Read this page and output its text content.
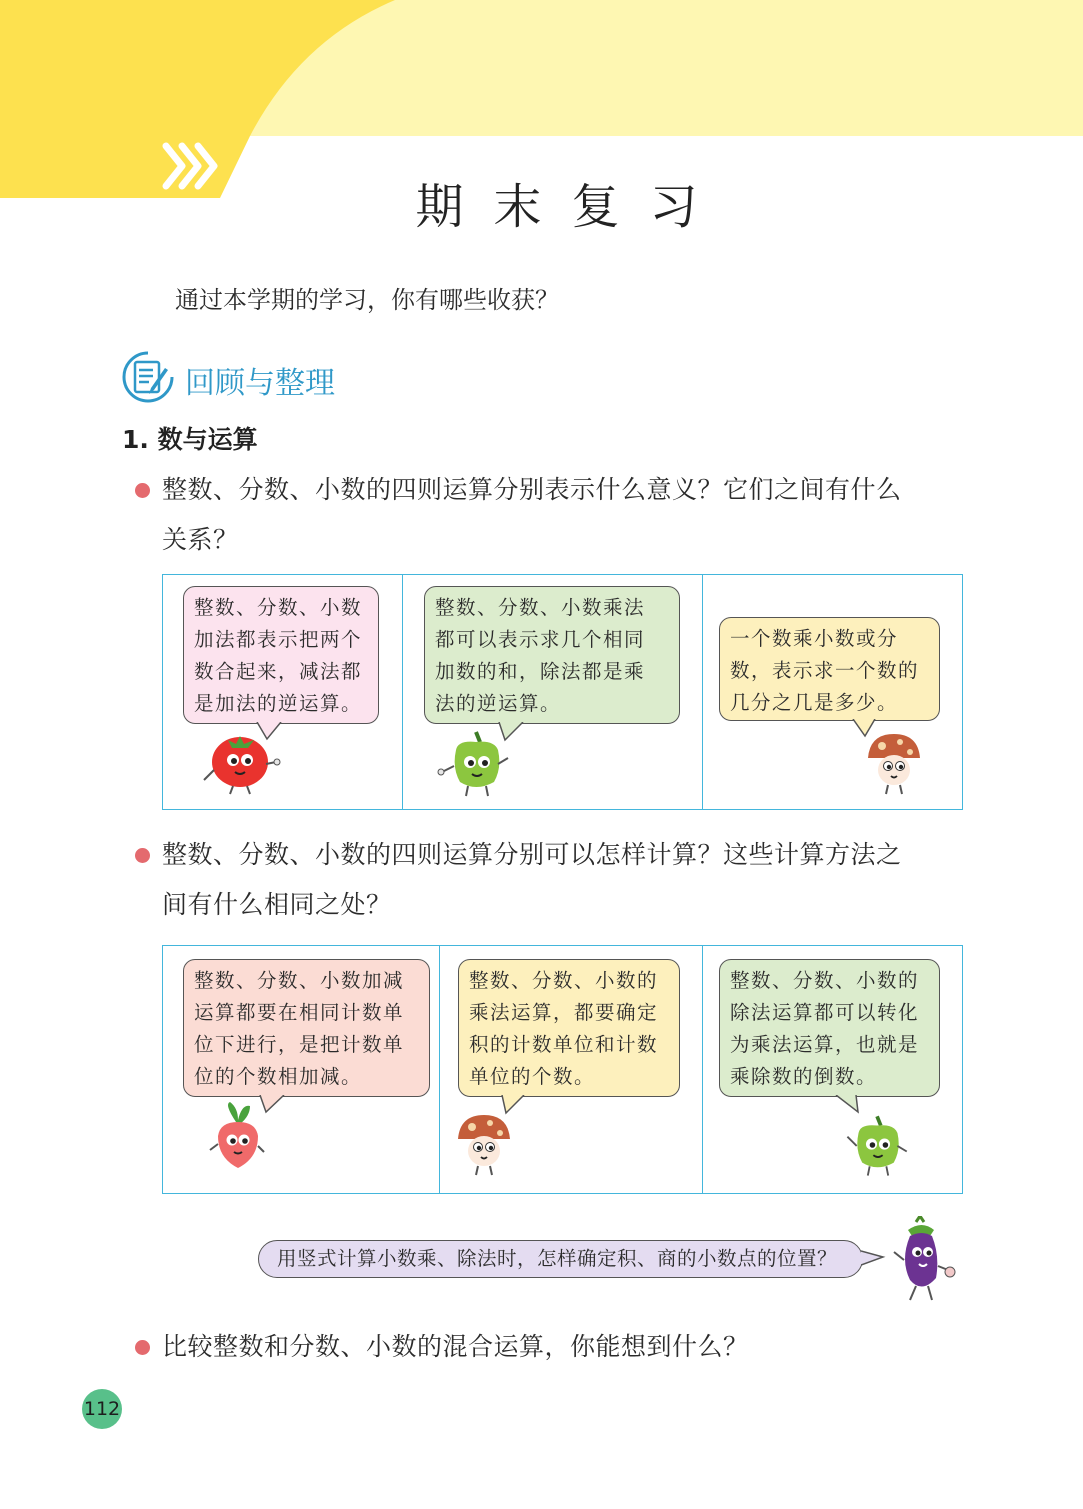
期末复习
通过本学期的学习，你有哪些收获？
回顾与整理
1. 数与运算
整数、分数、小数的四则运算分别表示什么意义？它们之间有什么
关系？
整数、分数、小数
加法都表示把两个
数合起来，减法都
是加法的逆运算。
整数、分数、小数乘法
都可以表示求几个相同
加数的和，除法都是乘
法的逆运算。
一个数乘小数或分
数，表示求一个数的
几分之几是多少。
整数、分数、小数的四则运算分别可以怎样计算？这些计算方法之
间有什么相同之处？
整数、分数、小数加减
运算都要在相同计数单
位下进行，是把计数单
位的个数相加减。
整数、分数、小数的
乘法运算，都要确定
积的计数单位和计数
单位的个数。
整数、分数、小数的
除法运算都可以转化
为乘法运算，也就是
乘除数的倒数。
用竖式计算小数乘、除法时，怎样确定积、商的小数点的位置？
比较整数和分数、小数的混合运算，你能想到什么？
112
